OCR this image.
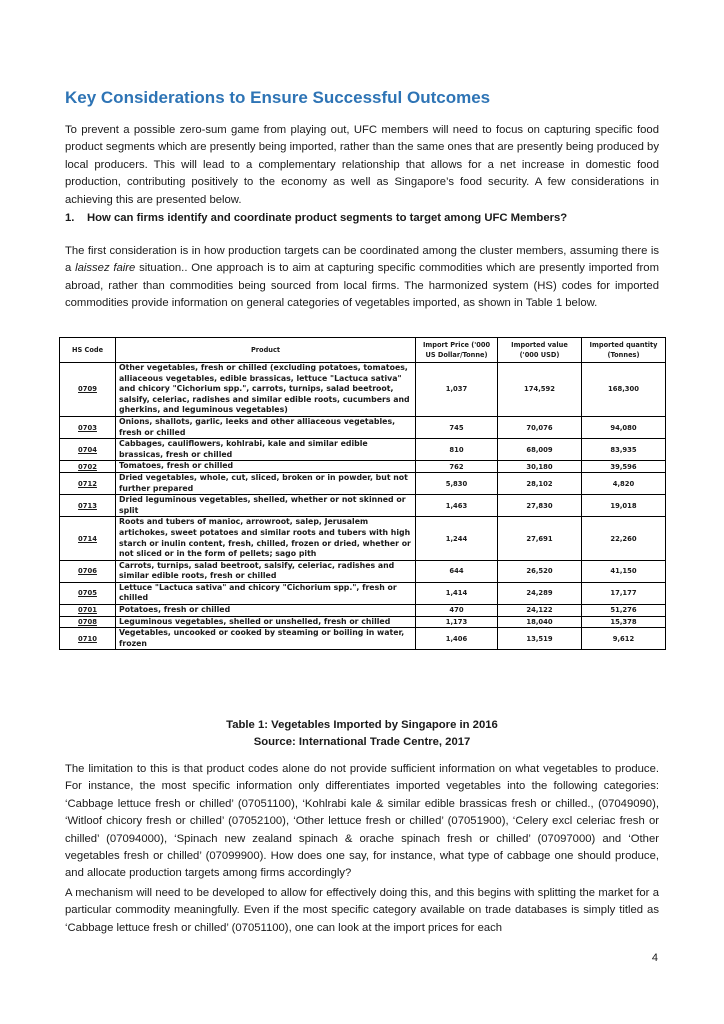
Key Considerations to Ensure Successful Outcomes

To prevent a possible zero-sum game from playing out, UFC members will need to focus on capturing specific food product segments which are presently being imported, rather than the same ones that are presently being produced by local producers. This will lead to a complementary relationship that allows for a net increase in domestic food production, contributing positively to the economy as well as Singapore’s food security. A few considerations in achieving this are presented below.

1. How can firms identify and coordinate product segments to target among UFC Members?

The first consideration is in how production targets can be coordinated among the cluster members, assuming there is a laissez faire situation.. One approach is to aim at capturing specific commodities which are presently imported from abroad, rather than commodities being sourced from local firms. The harmonized system (HS) codes for imported commodities provide information on general categories of vegetables imported, as shown in Table 1 below.

HS Code	Product	Import Price ('000 US Dollar/Tonne)	Imported value ('000 USD)	Imported quantity (Tonnes)
0709	Other vegetables, fresh or chilled (excluding potatoes, tomatoes, alliaceous vegetables, edible brassicas, lettuce "Lactuca sativa" and chicory "Cichorium spp.", carrots, turnips, salad beetroot, salsify, celeriac, radishes and similar edible roots, cucumbers and gherkins, and leguminous vegetables)	1,037	174,592	168,300
0703	Onions, shallots, garlic, leeks and other alliaceous vegetables, fresh or chilled	745	70,076	94,080
0704	Cabbages, cauliflowers, kohlrabi, kale and similar edible brassicas, fresh or chilled	810	68,009	83,935
0702	Tomatoes, fresh or chilled	762	30,180	39,596
0712	Dried vegetables, whole, cut, sliced, broken or in powder, but not further prepared	5,830	28,102	4,820
0713	Dried leguminous vegetables, shelled, whether or not skinned or split	1,463	27,830	19,018
0714	Roots and tubers of manioc, arrowroot, salep, Jerusalem artichokes, sweet potatoes and similar roots and tubers with high starch or inulin content, fresh, chilled, frozen or dried, whether or not sliced or in the form of pellets; sago pith	1,244	27,691	22,260
0706	Carrots, turnips, salad beetroot, salsify, celeriac, radishes and similar edible roots, fresh or chilled	644	26,520	41,150
0705	Lettuce "Lactuca sativa" and chicory "Cichorium spp.", fresh or chilled	1,414	24,289	17,177
0701	Potatoes, fresh or chilled	470	24,122	51,276
0708	Leguminous vegetables, shelled or unshelled, fresh or chilled	1,173	18,040	15,378
0710	Vegetables, uncooked or cooked by steaming or boiling in water, frozen	1,406	13,519	9,612

Table 1: Vegetables Imported by Singapore in 2016

Source: International Trade Centre, 2017

The limitation to this is that product codes alone do not provide sufficient information on what vegetables to produce. For instance, the most specific information only differentiates imported vegetables into the following categories: ‘Cabbage lettuce fresh or chilled’ (07051100), ‘Kohlrabi kale & similar edible brassicas fresh or chilled., (07049090), ‘Witloof chicory fresh or chilled’ (07052100), ‘Other lettuce fresh or chilled’ (07051900), ‘Celery excl celeriac fresh or chilled’ (07094000), ‘Spinach new zealand spinach & orache spinach fresh or chilled’ (07097000) and ‘Other vegetables fresh or chilled’ (07099900). How does one say, for instance, what type of cabbage one should produce, and allocate production targets among firms accordingly?

A mechanism will need to be developed to allow for effectively doing this, and this begins with splitting the market for a particular commodity meaningfully. Even if the most specific category available on trade databases is simply titled as ‘Cabbage lettuce fresh or chilled’ (07051100), one can look at the import prices for each

4
